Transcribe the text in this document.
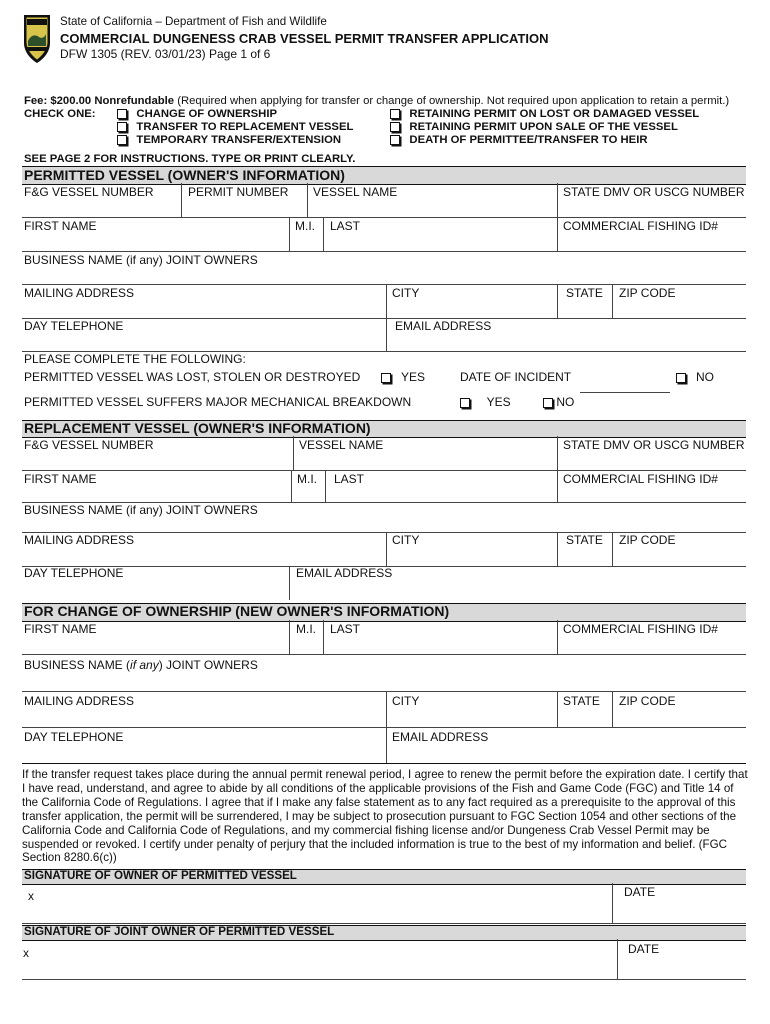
State of California – Department of Fish and Wildlife
COMMERCIAL DUNGENESS CRAB VESSEL PERMIT TRANSFER APPLICATION
DFW 1305 (REV. 03/01/23) Page 1 of 6
Fee: $200.00 Nonrefundable (Required when applying for transfer or change of ownership. Not required upon application to retain a permit.)
CHECK ONE:	CHANGE OF OWNERSHIP
TRANSFER TO REPLACEMENT VESSEL
TEMPORARY TRANSFER/EXTENSION
RETAINING PERMIT ON LOST OR DAMAGED VESSEL
RETAINING PERMIT UPON SALE OF THE VESSEL
DEATH OF PERMITTEE/TRANSFER TO HEIR
SEE PAGE 2 FOR INSTRUCTIONS. TYPE OR PRINT CLEARLY.
PERMITTED VESSEL (OWNER'S INFORMATION)
F&G VESSEL NUMBER	PERMIT NUMBER VESSEL NAME	STATE DMV OR USCG NUMBER
FIRST NAME	M.I. LAST	COMMERCIAL FISHING ID#
BUSINESS NAME (if any) JOINT OWNERS
MAILING ADDRESS	CITY	STATE ZIP CODE
DAY TELEPHONE	EMAIL ADDRESS
PLEASE COMPLETE THE FOLLOWING:
PERMITTED VESSEL WAS LOST, STOLEN OR DESTROYED	YES	DATE OF INCIDENT	NO
PERMITTED VESSEL SUFFERS MAJOR MECHANICAL BREAKDOWN	YES	NO
REPLACEMENT VESSEL (OWNER'S INFORMATION)
F&G VESSEL NUMBER	VESSEL NAME	STATE DMV OR USCG NUMBER
FIRST NAME	M.I. LAST	COMMERCIAL FISHING ID#
BUSINESS NAME (if any) JOINT OWNERS
MAILING ADDRESS	CITY	STATE ZIP CODE
DAY TELEPHONE	EMAIL ADDRESS
FOR CHANGE OF OWNERSHIP (NEW OWNER'S INFORMATION)
FIRST NAME	M.I. LAST	COMMERCIAL FISHING ID#
BUSINESS NAME (if any) JOINT OWNERS
MAILING ADDRESS	CITY	STATE ZIP CODE
DAY TELEPHONE	EMAIL ADDRESS
If the transfer request takes place during the annual permit renewal period, I agree to renew the permit before the expiration date. I certify that I have read, understand, and agree to abide by all conditions of the applicable provisions of the Fish and Game Code (FGC) and Title 14 of the California Code of Regulations. I agree that if I make any false statement as to any fact required as a prerequisite to the approval of this transfer application, the permit will be surrendered, I may be subject to prosecution pursuant to FGC Section 1054 and other sections of the California Code and California Code of Regulations, and my commercial fishing license and/or Dungeness Crab Vessel Permit may be suspended or revoked. I certify under penalty of perjury that the included information is true to the best of my information and belief. (FGC Section 8280.6(c))
SIGNATURE OF OWNER OF PERMITTED VESSEL
x	DATE
SIGNATURE OF JOINT OWNER OF PERMITTED VESSEL
x	DATE
